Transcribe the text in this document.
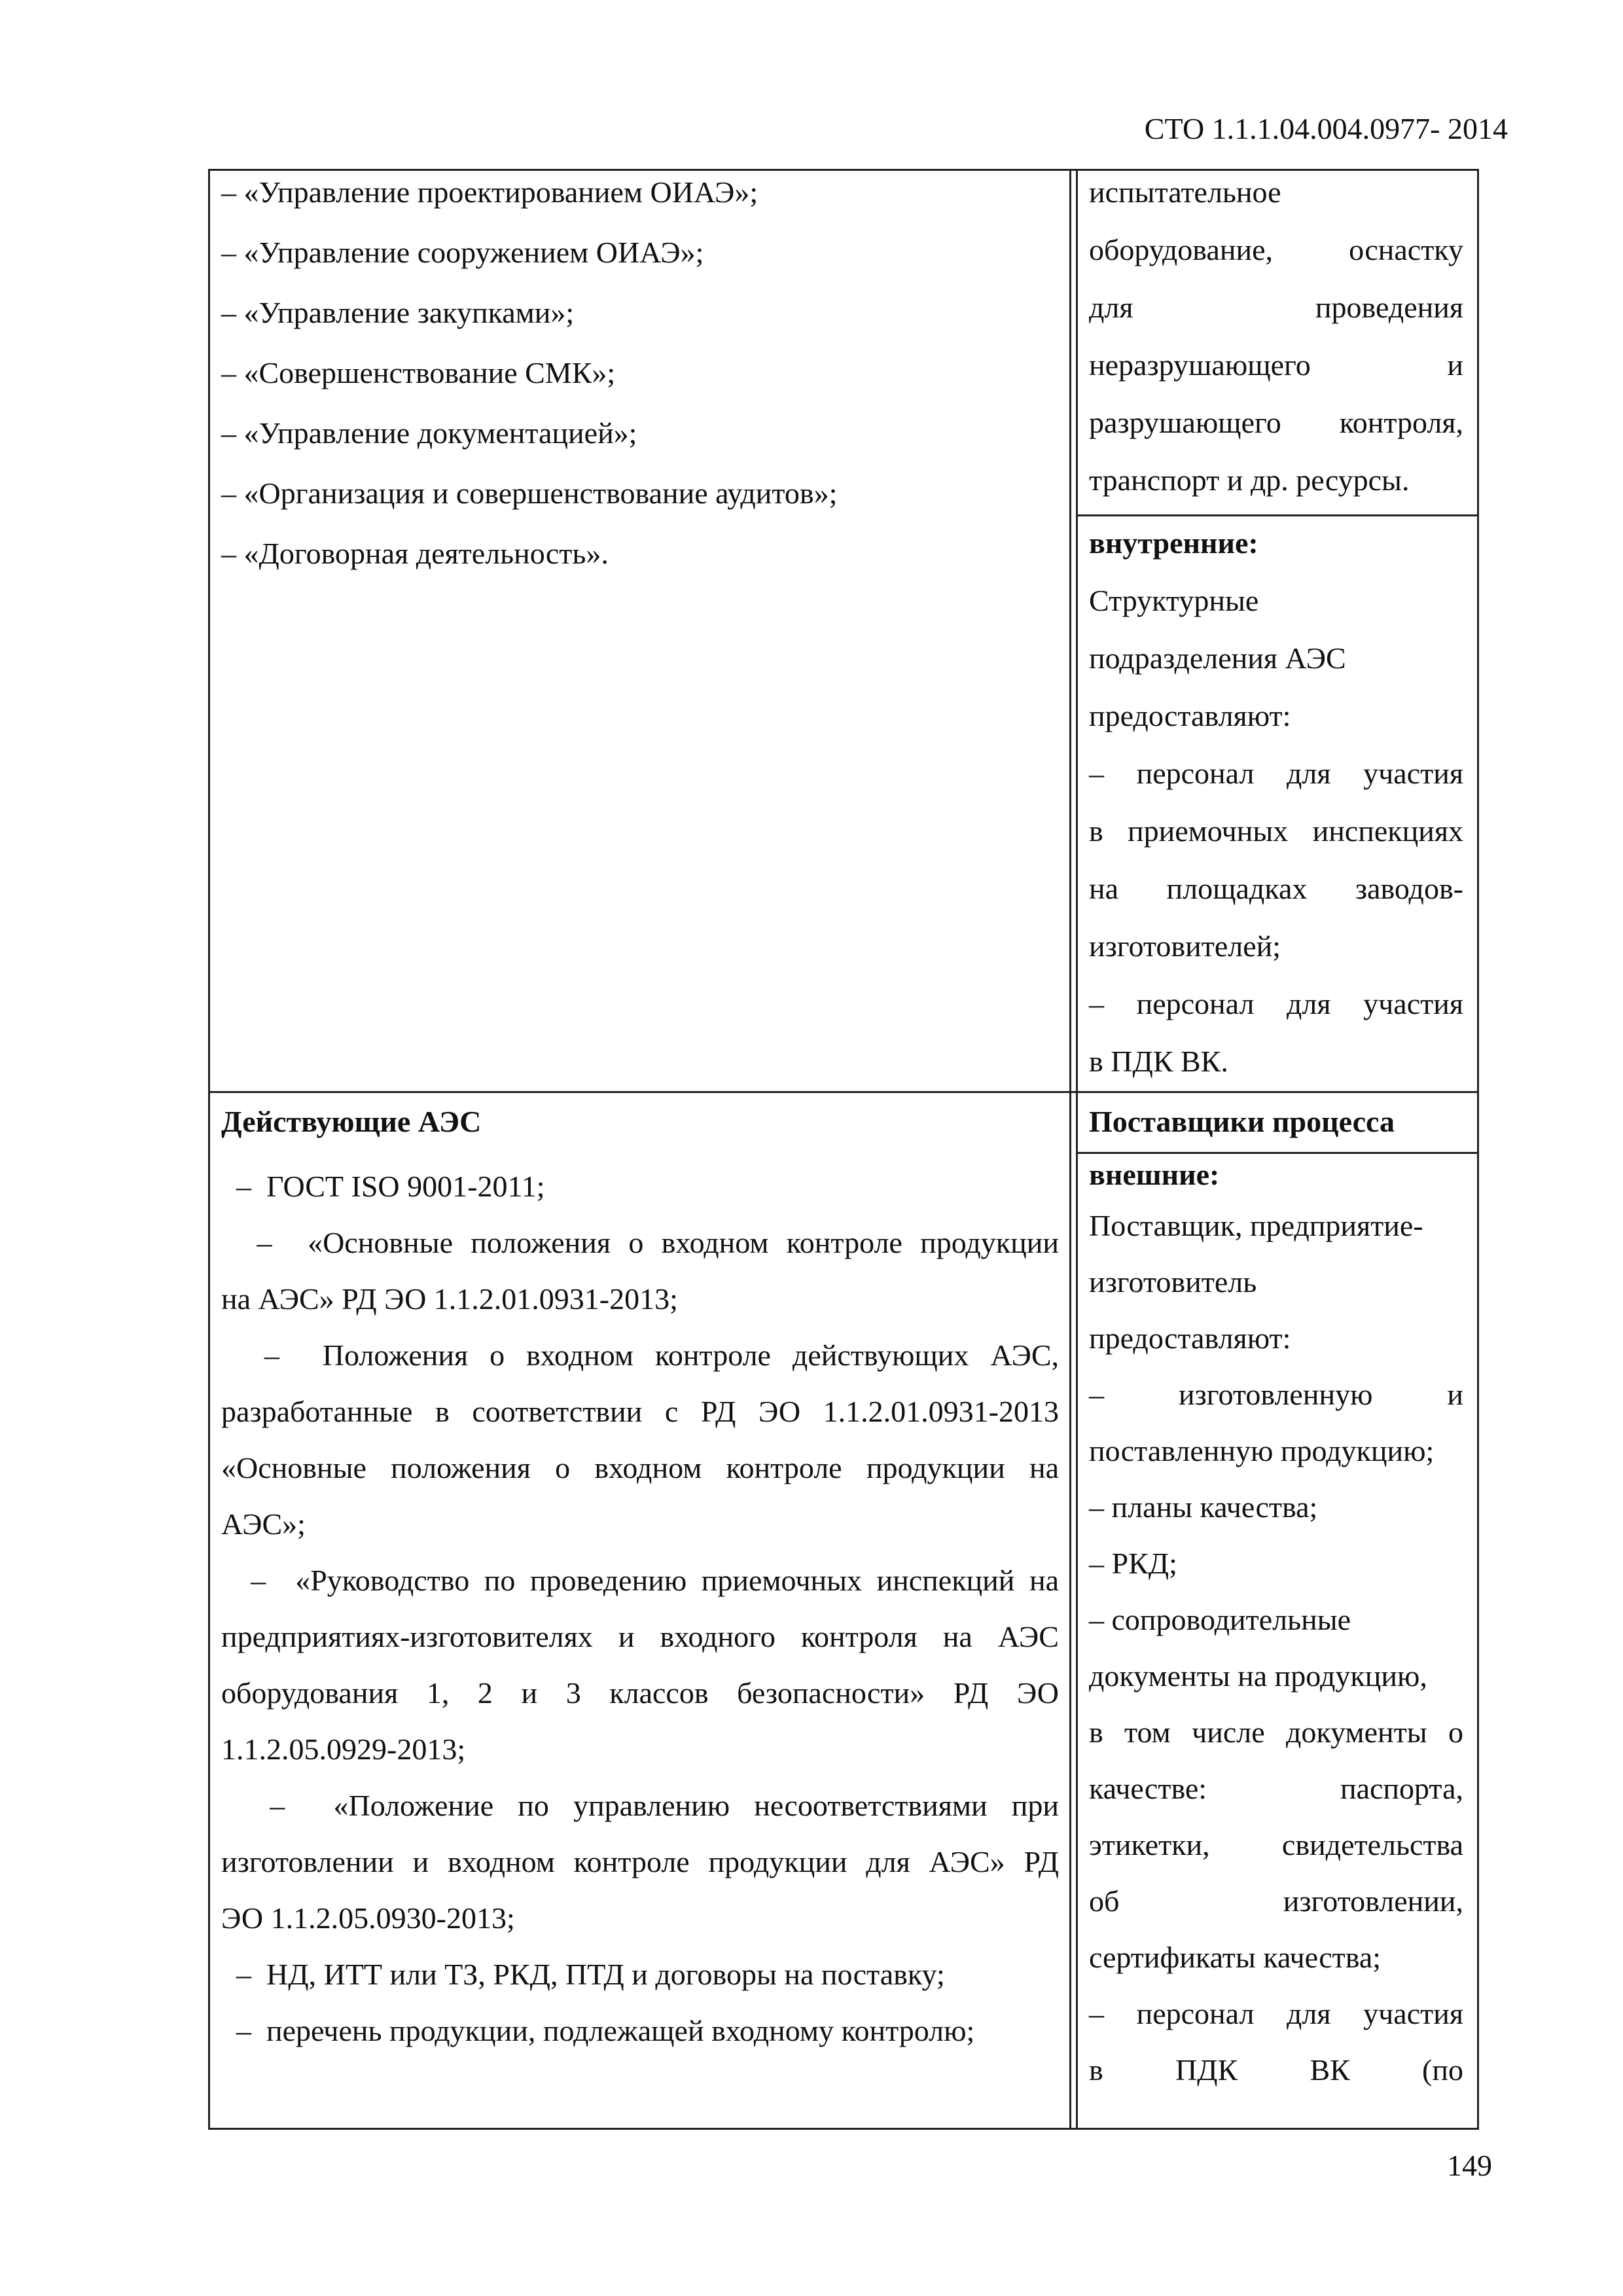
СТО 1.1.1.04.004.0977- 2014

– «Управление проектированием ОИАЭ»;

– «Управление сооружением ОИАЭ»;

– «Управление закупками»;

– «Совершенствование СМК»;

– «Управление документацией»;

– «Организация и совершенствование аудитов»;

– «Договорная деятельность».

испытательное

оборудование, оснастку

для проведения

неразрушающего и

разрушающего контроля,

транспорт и др. ресурсы.

внутренние:

Структурные

подразделения АЭС

предоставляют:

– персонал для участия

в приемочных инспекциях

на площадках заводов-

изготовителей;

– персонал для участия

в ПДК ВК.

Действующие АЭС	Поставщики процесса

–  ГОСТ ISO 9001-2011;

–  «Основные положения о входном контроле продукции

на АЭС» РД ЭО 1.1.2.01.0931-2013;

–  Положения о входном контроле действующих АЭС,

разработанные в соответствии с РД ЭО 1.1.2.01.0931-2013

«Основные положения о входном контроле продукции на

АЭС»;

–  «Руководство по проведению приемочных инспекций на

предприятиях-изготовителях и входного контроля на АЭС

оборудования 1, 2 и 3 классов безопасности» РД ЭО

1.1.2.05.0929-2013;

–  «Положение по управлению несоответствиями при

изготовлении и входном контроле продукции для АЭС» РД

ЭО 1.1.2.05.0930-2013;

–  НД, ИТТ или ТЗ, РКД, ПТД и договоры на поставку;

–  перечень продукции, подлежащей входному контролю;

внешние:

Поставщик, предприятие-

изготовитель

предоставляют:

– изготовленную и

поставленную продукцию;

– планы качества;

– РКД;

– сопроводительные

документы на продукцию,

в том числе документы о

качестве: паспорта,

этикетки, свидетельства

об изготовлении,

сертификаты качества;

– персонал для участия

в ПДК ВК (по

149
